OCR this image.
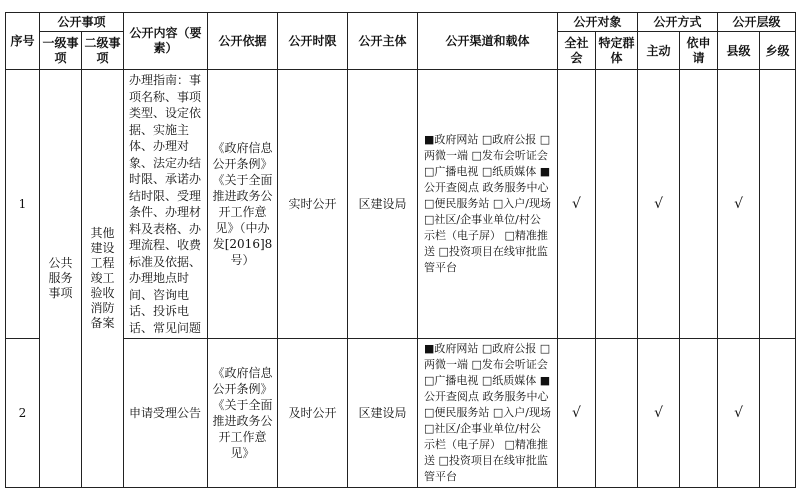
序号	公开事项		公开内容（要素）	公开依据	公开时限	公开主体	公开渠道和载体	公开对象		公开方式		公开层级	
	一级事项	二级事项						全社会	特定群体	主动	依申请	县级	乡级
1	公共服务事项	其他建设工程竣工验收消防备案	办理指南：事项名称、事项类型、设定依据、实施主体、办理对象、法定办结时限、承诺办结时限、受理条件、办理材料及表格、办理流程、收费标准及依据、办理地点时间、咨询电话、投诉电话、常见问题	《政府信息公开条例》《关于全面推进政务公开工作意见》（中办发[2016]8号）	实时公开	区建设局	■政府网站 □政府公报 □两微一端 □发布会听证会 □广播电视 □纸质媒体 ■公开查阅点 政务服务中心 □便民服务站 □入户/现场 □社区/企事业单位/村公示栏（电子屏） □精准推送 □投资项目在线审批监管平台	√		√		√	
2			申请受理公告	《政府信息公开条例》《关于全面推进政务公开工作意见》	及时公开	区建设局	■政府网站 □政府公报 □两微一端 □发布会听证会 □广播电视 □纸质媒体 ■公开查阅点 政务服务中心 □便民服务站 □入户/现场 □社区/企事业单位/村公示栏（电子屏） □精准推送 □投资项目在线审批监管平台	√		√		√	
